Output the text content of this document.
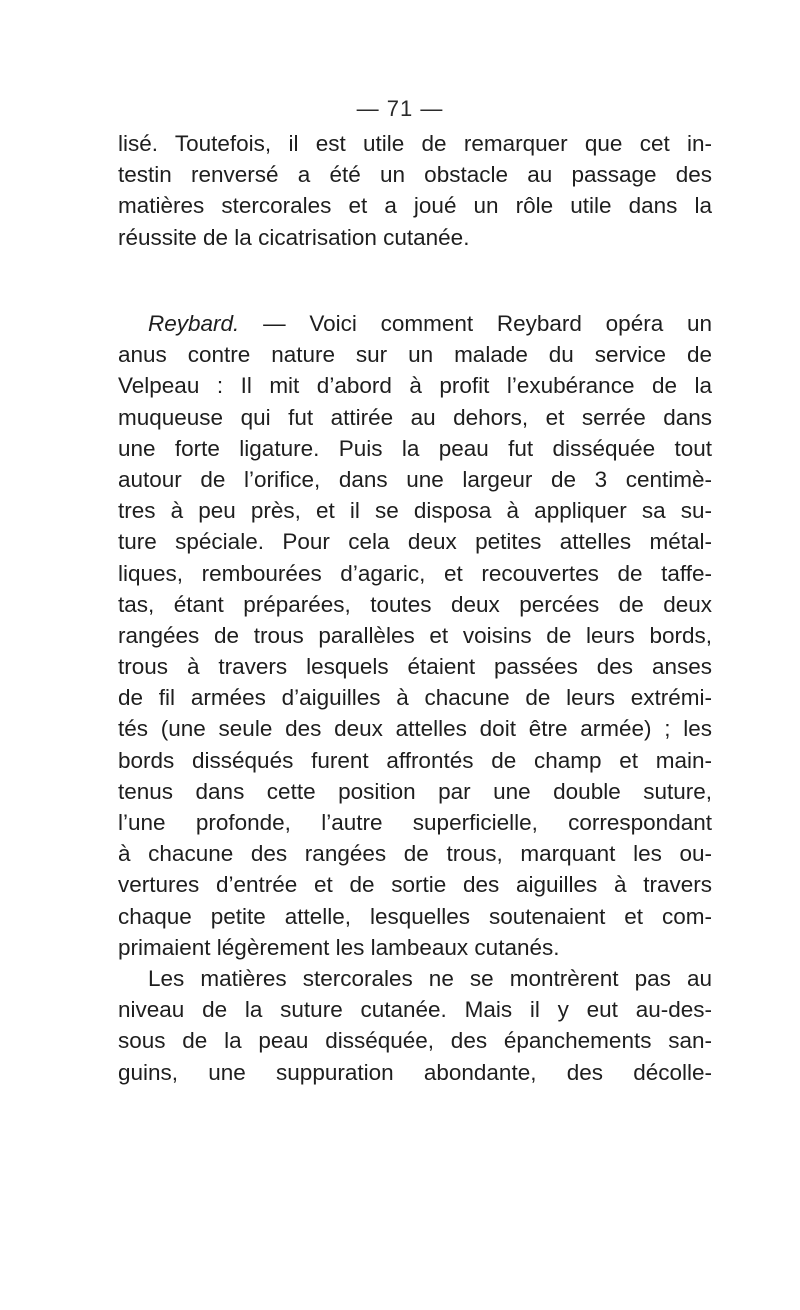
— 71 —
lisé. Toutefois, il est utile de remarquer que cet in-
testin renversé a été un obstacle au passage des
matières stercorales et a joué un rôle utile dans la
réussite de la cicatrisation cutanée.
Reybard. — Voici comment Reybard opéra un
anus contre nature sur un malade du service de
Velpeau : Il mit d’abord à profit l’exubérance de la
muqueuse qui fut attirée au dehors, et serrée dans
une forte ligature. Puis la peau fut disséquée tout
autour de l’orifice, dans une largeur de 3 centimè-
tres à peu près, et il se disposa à appliquer sa su-
ture spéciale. Pour cela deux petites attelles métal-
liques, rembourées d’agaric, et recouvertes de taffe-
tas, étant préparées, toutes deux percées de deux
rangées de trous parallèles et voisins de leurs bords,
trous à travers lesquels étaient passées des anses
de fil armées d’aiguilles à chacune de leurs extrémi-
tés (une seule des deux attelles doit être armée) ; les
bords disséqués furent affrontés de champ et main-
tenus dans cette position par une double suture,
l’une profonde, l’autre superficielle, correspondant
à chacune des rangées de trous, marquant les ou-
vertures d’entrée et de sortie des aiguilles à travers
chaque petite attelle, lesquelles soutenaient et com-
primaient légèrement les lambeaux cutanés.
Les matières stercorales ne se montrèrent pas au
niveau de la suture cutanée. Mais il y eut au-des-
sous de la peau disséquée, des épanchements san-
guins, une suppuration abondante, des décolle-
